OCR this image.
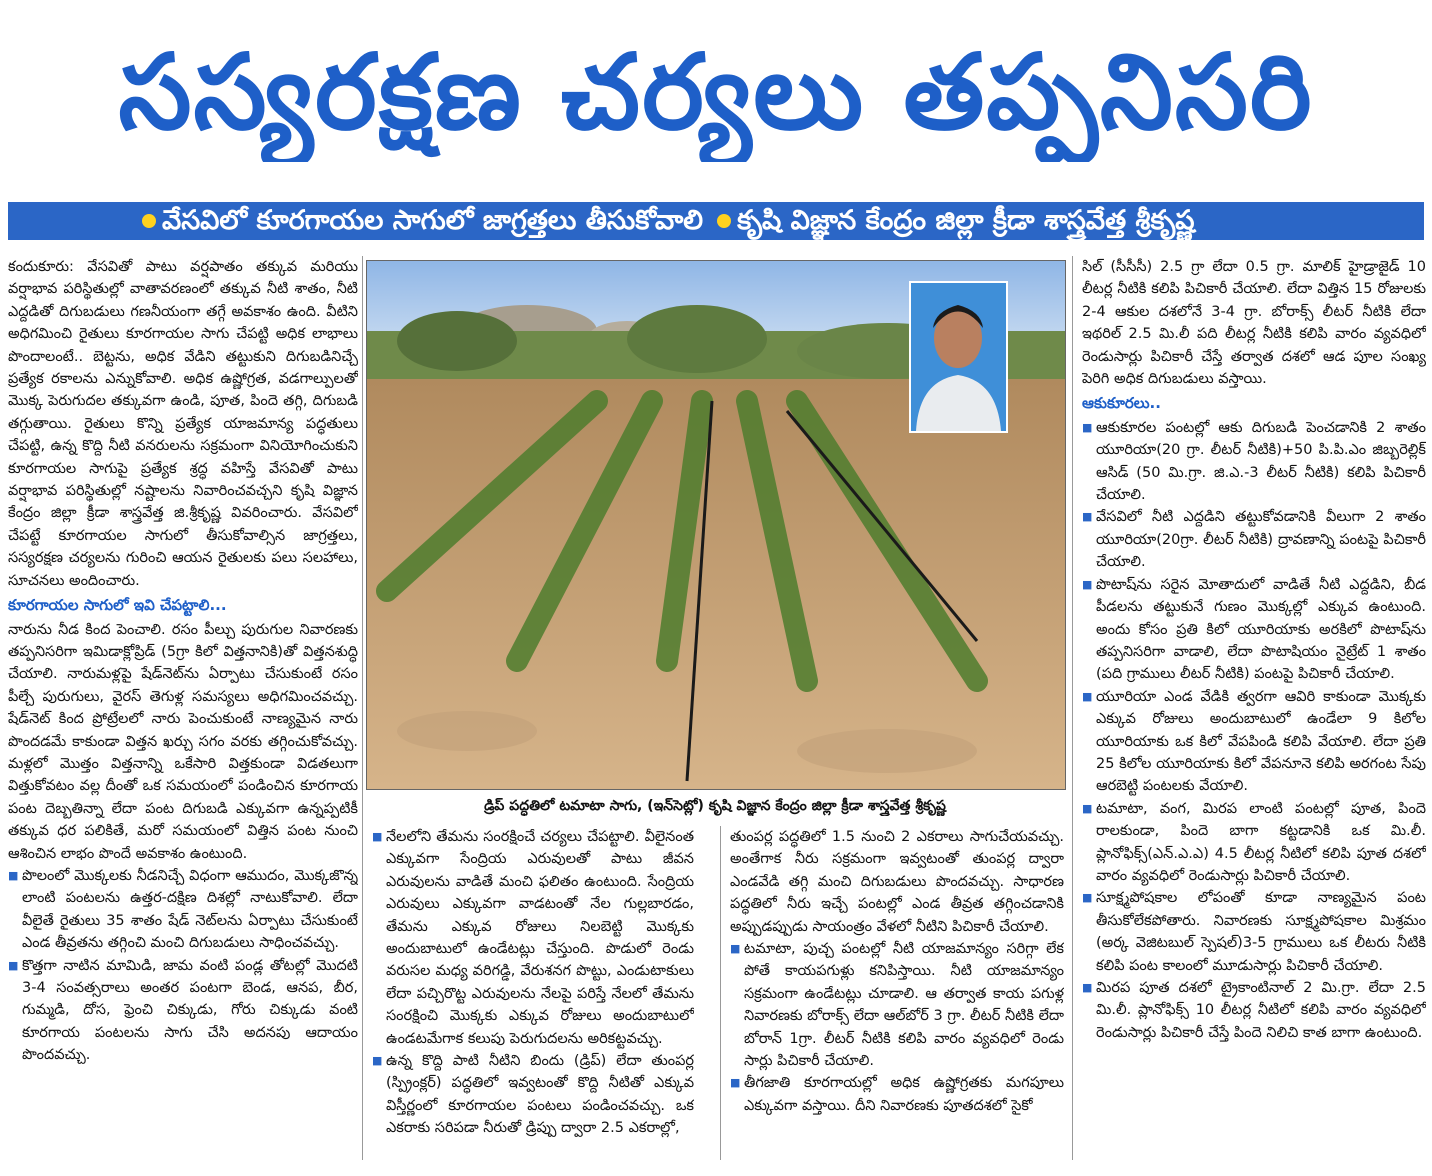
సస్యరక్షణ చర్యలు తప్పనిసరి
వేసవిలో కూరగాయల సాగులో జాగ్రత్తలు తీసుకోవాలి కృషి విజ్ఞాన కేంద్రం జిల్లా క్రీడా శాస్త్రవేత్త శ్రీకృష్ణ

కందుకూరు: వేసవితో పాటు వర్షపాతం తక్కువ మరియు వర్షాభావ పరిస్థితుల్లో వాతావరణంలో తక్కువ నీటి శాతం, నీటి ఎద్దడితో దిగుబడులు గణనీయంగా తగ్గే అవకాశం ఉంది. వీటిని అధిగమించి రైతులు కూరగాయల సాగు చేపట్టి అధిక లాభాలు పొందాలంటే.. బెట్టను, అధిక వేడిని తట్టుకుని దిగుబడినిచ్చే ప్రత్యేక రకాలను ఎన్నుకోవాలి. అధిక ఉష్ణోగ్రత, వడగాల్పులతో మొక్క పెరుగుదల తక్కువగా ఉండి, పూత, పిందె తగ్గి, దిగుబడి తగ్గుతాయి. రైతులు కొన్ని ప్రత్యేక యాజమాన్య పద్ధతులు చేపట్టి, ఉన్న కొద్ది నీటి వనరులను సక్రమంగా వినియోగించుకుని కూరగాయల సాగుపై ప్రత్యేక శ్రద్ధ వహిస్తే వేసవితో పాటు వర్షాభావ పరిస్థితుల్లో నష్టాలను నివారించవచ్చని కృషి విజ్ఞాన కేంద్రం జిల్లా క్రీడా శాస్త్రవేత్త జి.శ్రీకృష్ణ వివరించారు. వేసవిలో చేపట్టే కూరగాయల సాగులో తీసుకోవాల్సిన జాగ్రత్తలు, సస్యరక్షణ చర్యలను గురించి ఆయన రైతులకు పలు సలహాలు, సూచనలు అందించారు.

కూరగాయల సాగులో ఇవి చేపట్టాలి...

నారును నీడ కింద పెంచాలి. రసం పీల్చు పురుగుల నివారణకు తప్పనిసరిగా ఇమిడాక్లోప్రిడ్ (5గ్రా కిలో విత్తనానికి)తో విత్తనశుద్ధి చేయాలి. నారుమళ్లపై షేడ్‌నెట్‌ను ఏర్పాటు చేసుకుంటే రసం పీల్చే పురుగులు, వైరస్ తెగుళ్ల సమస్యలు అధిగమించవచ్చు. షేడ్‌నెట్ కింద ప్రోట్రేలలో నారు పెంచుకుంటే నాణ్యమైన నారు పొందడమే కాకుండా విత్తన ఖర్చు సగం వరకు తగ్గించుకోవచ్చు. మళ్లలో మొత్తం విత్తనాన్ని ఒకేసారి విత్తకుండా విడతలుగా విత్తుకోవటం వల్ల దీంతో ఒక సమయంలో పండించిన కూరగాయ పంట దెబ్బతిన్నా లేదా పంట దిగుబడి ఎక్కువగా ఉన్నప్పటికీ తక్కువ ధర పలికితే, మరో సమయంలో విత్తిన పంట నుంచి ఆశించిన లాభం పొందే అవకాశం ఉంటుంది.

■ పొలంలో మొక్కలకు నీడనిచ్చే విధంగా ఆముదం, మొక్కజొన్న లాంటి పంటలను ఉత్తర-దక్షిణ దిశల్లో నాటుకోవాలి. లేదా వీలైతే రైతులు 35 శాతం షేడ్ నెట్‌లను ఏర్పాటు చేసుకుంటే ఎండ తీవ్రతను తగ్గించి మంచి దిగుబడులు సాధించవచ్చు.
■ కొత్తగా నాటిన మామిడి, జామ వంటి పండ్ల తోటల్లో మొదటి 3-4 సంవత్సరాలు అంతర పంటగా బెండ, ఆనప, బీర, గుమ్మడి, దోస, ఫ్రెంచి చిక్కుడు, గోరు చిక్కుడు వంటి కూరగాయ పంటలను సాగు చేసి అదనపు ఆదాయం పొందవచ్చు.
డ్రిప్ పద్ధతిలో టమాటా సాగు, (ఇన్‌సెట్లో) కృషి విజ్ఞాన కేంద్రం జిల్లా క్రీడా శాస్త్రవేత్త శ్రీకృష్ణ
■ నేలలోని తేమను సంరక్షించే చర్యలు చేపట్టాలి. వీలైనంత ఎక్కువగా సేంద్రియ ఎరువులతో పాటు జీవన ఎరువులను వాడితే మంచి ఫలితం ఉంటుంది. సేంద్రియ ఎరువులు ఎక్కువగా వాడటంతో నేల గుల్లబారడం, తేమను ఎక్కువ రోజులు నిలబెట్టి మొక్కకు అందుబాటులో ఉండేటట్లు చేస్తుంది. పొడులో రెండు వరుసల మధ్య వరిగడ్డి, వేరుశనగ పొట్టు, ఎండుటాకులు లేదా పచ్చిరొట్ట ఎరువులను నేలపై పరిస్తే నేలలో తేమను సంరక్షించి మొక్కకు ఎక్కువ రోజులు అందుబాటులో ఉండటమేగాక కలుపు పెరుగుదలను అరికట్టవచ్చు.
■ ఉన్న కొద్ది పాటి నీటిని బిందు (డ్రిప్) లేదా తుంపర్ల (స్ప్రింక్లర్) పద్ధతిలో ఇవ్వటంతో కొద్ది నీటితో ఎక్కువ విస్తీర్ణంలో కూరగాయల పంటలు పండించవచ్చు. ఒక ఎకరాకు సరిపడా నీరుతో డ్రిప్పు ద్వారా 2.5 ఎకరాల్లో,

తుంపర్ల పద్ధతిలో 1.5 నుంచి 2 ఎకరాలు సాగుచేయవచ్చు. అంతేగాక నీరు సక్రమంగా ఇవ్వటంతో తుంపర్ల ద్వారా ఎండవేడి తగ్గి మంచి దిగుబడులు పొందవచ్చు. సాధారణ పద్ధతిలో నీరు ఇచ్చే పంటల్లో ఎండ తీవ్రత తగ్గించడానికి అప్పుడప్పుడు సాయంత్రం వేళలో నీటిని పిచికారీ చేయాలి.

■ టమాటా, పుచ్చ పంటల్లో నీటి యాజమాన్యం సరిగ్గా లేక పోతే కాయపగుళ్లు కనిపిస్తాయి. నీటి యాజమాన్యం సక్రమంగా ఉండేటట్లు చూడాలి. ఆ తర్వాత కాయ పగుళ్ల నివారణకు బోరాక్స్ లేదా ఆల్‌బోర్ 3 గ్రా. లీటర్ నీటికి లేదా బోరాన్ 1గ్రా. లీటర్ నీటికి కలిపి వారం వ్యవధిలో రెండు సార్లు పిచికారీ చేయాలి.
■ తీగజాతి కూరగాయల్లో అధిక ఉష్ణోగ్రతకు మగపూలు ఎక్కువగా వస్తాయి. దీని నివారణకు పూతదశలో సైకో

సిల్ (సీసీసీ) 2.5 గ్రా లేదా 0.5 గ్రా. మాలిక్ హైడ్రాజైడ్ 10 లీటర్ల నీటికి కలిపి పిచికారీ చేయాలి. లేదా విత్తిన 15 రోజులకు 2-4 ఆకుల దశలోనే 3-4 గ్రా. బోరాక్స్ లీటర్ నీటికి లేదా ఇథరిల్ 2.5 మి.లీ పది లీటర్ల నీటికి కలిపి వారం వ్యవధిలో రెండుసార్లు పిచికారీ చేస్తే తర్వాత దశలో ఆడ పూల సంఖ్య పెరిగి అధిక దిగుబడులు వస్తాయి.

ఆకుకూరలు..

■ ఆకుకూరల పంటల్లో ఆకు దిగుబడి పెంచడానికి 2 శాతం యూరియా(20 గ్రా. లీటర్ నీటికి)+50 పి.పి.ఎం జిబ్బరెల్లిక్ ఆసిడ్ (50 మి.గ్రా. జి.ఎ.-3 లీటర్ నీటికి) కలిపి పిచికారీ చేయాలి.
■ వేసవిలో నీటి ఎద్దడిని తట్టుకోవడానికి వీలుగా 2 శాతం యూరియా(20గ్రా. లీటర్ నీటికి) ద్రావణాన్ని పంటపై పిచికారీ చేయాలి.
■ పొటాష్‌ను సరైన మోతాదులో వాడితే నీటి ఎద్దడిని, బీడ పీడలను తట్టుకునే గుణం మొక్కల్లో ఎక్కువ ఉంటుంది. అందు కోసం ప్రతి కిలో యూరియాకు అరకిలో పొటాష్‌ను తప్పనిసరిగా వాడాలి, లేదా పొటాషియం నైట్రేట్ 1 శాతం (పది గ్రాములు లీటర్ నీటికి) పంటపై పిచికారీ చేయాలి.
■ యూరియా ఎండ వేడికి త్వరగా ఆవిరి కాకుండా మొక్కకు ఎక్కువ రోజులు అందుబాటులో ఉండేలా 9 కిలోల యూరియాకు ఒక కిలో వేపపిండి కలిపి వేయాలి. లేదా ప్రతి 25 కిలోల యూరియాకు కిలో వేపనూనె కలిపి అరగంట సేపు ఆరబెట్టి పంటలకు వేయాలి.
■ టమాటా, వంగ, మిరప లాంటి పంటల్లో పూత, పిందె రాలకుండా, పిందె బాగా కట్టడానికి ఒక మి.లీ. ప్లానోఫిక్స్(ఎన్.ఎ.ఎ) 4.5 లీటర్ల నీటిలో కలిపి పూత దశలో వారం వ్యవధిలో రెండుసార్లు పిచికారీ చేయాలి.
■ సూక్ష్మపోషకాల లోపంతో కూడా నాణ్యమైన పంట తీసుకోలేకపోతారు. నివారణకు సూక్ష్మపోషకాల మిశ్రమం (అర్క వెజిటబుల్ స్పెషల్)3-5 గ్రాములు ఒక లీటరు నీటికి కలిపి పంట కాలంలో మూడుసార్లు పిచికారీ చేయాలి.
■ మిరప పూత దశలో ట్రైకాంటినాల్ 2 మి.గ్రా. లేదా 2.5 మి.లీ. ప్లానోఫిక్స్ 10 లీటర్ల నీటిలో కలిపి వారం వ్యవధిలో రెండుసార్లు పిచికారీ చేస్తే పిందె నిలిచి కాత బాగా ఉంటుంది.
